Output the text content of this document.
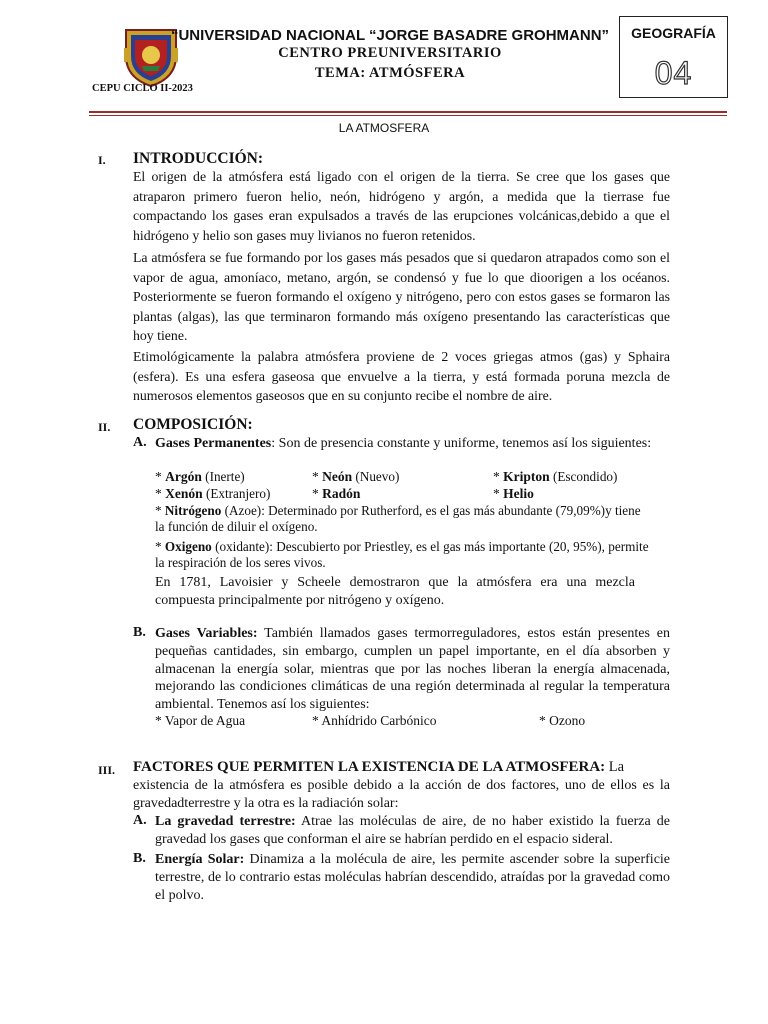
“UNIVERSIDAD NACIONAL “JORGE BASADRE GROHMANN”
CENTRO PREUNIVERSITARIO
TEMA: ATMÓSFERA
CEPU CICLO II-2023
GEOGRAFÍA
04
LA ATMOSFERA
I. INTRODUCCIÓN:
El origen de la atmósfera está ligado con el origen de la tierra. Se cree que los gases que atraparon primero fueron helio, neón, hidrógeno y argón, a medida que la tierrase fue compactando los gases eran expulsados a través de las erupciones volcánicas,debido a que el hidrógeno y helio son gases muy livianos no fueron retenidos.
La atmósfera se fue formando por los gases más pesados que si quedaron atrapados como son el vapor de agua, amoníaco, metano, argón, se condensó y fue lo que dioorigen a los océanos. Posteriormente se fueron formando el oxígeno y nitrógeno, pero con estos gases se formaron las plantas (algas), las que terminaron formando más oxígeno presentando las características que hoy tiene.
Etimológicamente la palabra atmósfera proviene de 2 voces griegas atmos (gas) y Sphaira (esfera). Es una esfera gaseosa que envuelve a la tierra, y está formada poruna mezcla de numerosos elementos gaseosos que en su conjunto recibe el nombre de aire.
II. COMPOSICIÓN:
A. Gases Permanentes: Son de presencia constante y uniforme, tenemos así los siguientes:
* Argón (Inerte)	* Neón (Nuevo)	* Kripton (Escondido)
* Xenón (Extranjero)	* Radón	* Helio
* Nitrógeno (Azoe): Determinado por Rutherford, es el gas más abundante (79,09%)y tiene la función de diluir el oxígeno.
* Oxigeno (oxidante): Descubierto por Priestley, es el gas más importante (20, 95%), permite la respiración de los seres vivos.
En 1781, Lavoisier y Scheele demostraron que la atmósfera era una mezcla compuesta principalmente por nitrógeno y oxígeno.
B. Gases Variables: También llamados gases termorreguladores, estos están presentes en pequeñas cantidades, sin embargo, cumplen un papel importante, en el día absorben y almacenan la energía solar, mientras que por las noches liberan la energía almacenada, mejorando las condiciones climáticas de una región determinada al regular la temperatura ambiental. Tenemos así los siguientes:
* Vapor de Agua	* Anhídrido Carbónico	* Ozono
III. FACTORES QUE PERMITEN LA EXISTENCIA DE LA ATMOSFERA: La
existencia de la atmósfera es posible debido a la acción de dos factores, uno de ellos es la gravedadterrestre y la otra es la radiación solar:
A. La gravedad terrestre: Atrae las moléculas de aire, de no haber existido la fuerza de gravedad los gases que conforman el aire se habrían perdido en el espacio sideral.
B. Energía Solar: Dinamiza a la molécula de aire, les permite ascender sobre la superficie terrestre, de lo contrario estas moléculas habrían descendido, atraídas por la gravedad como el polvo.
